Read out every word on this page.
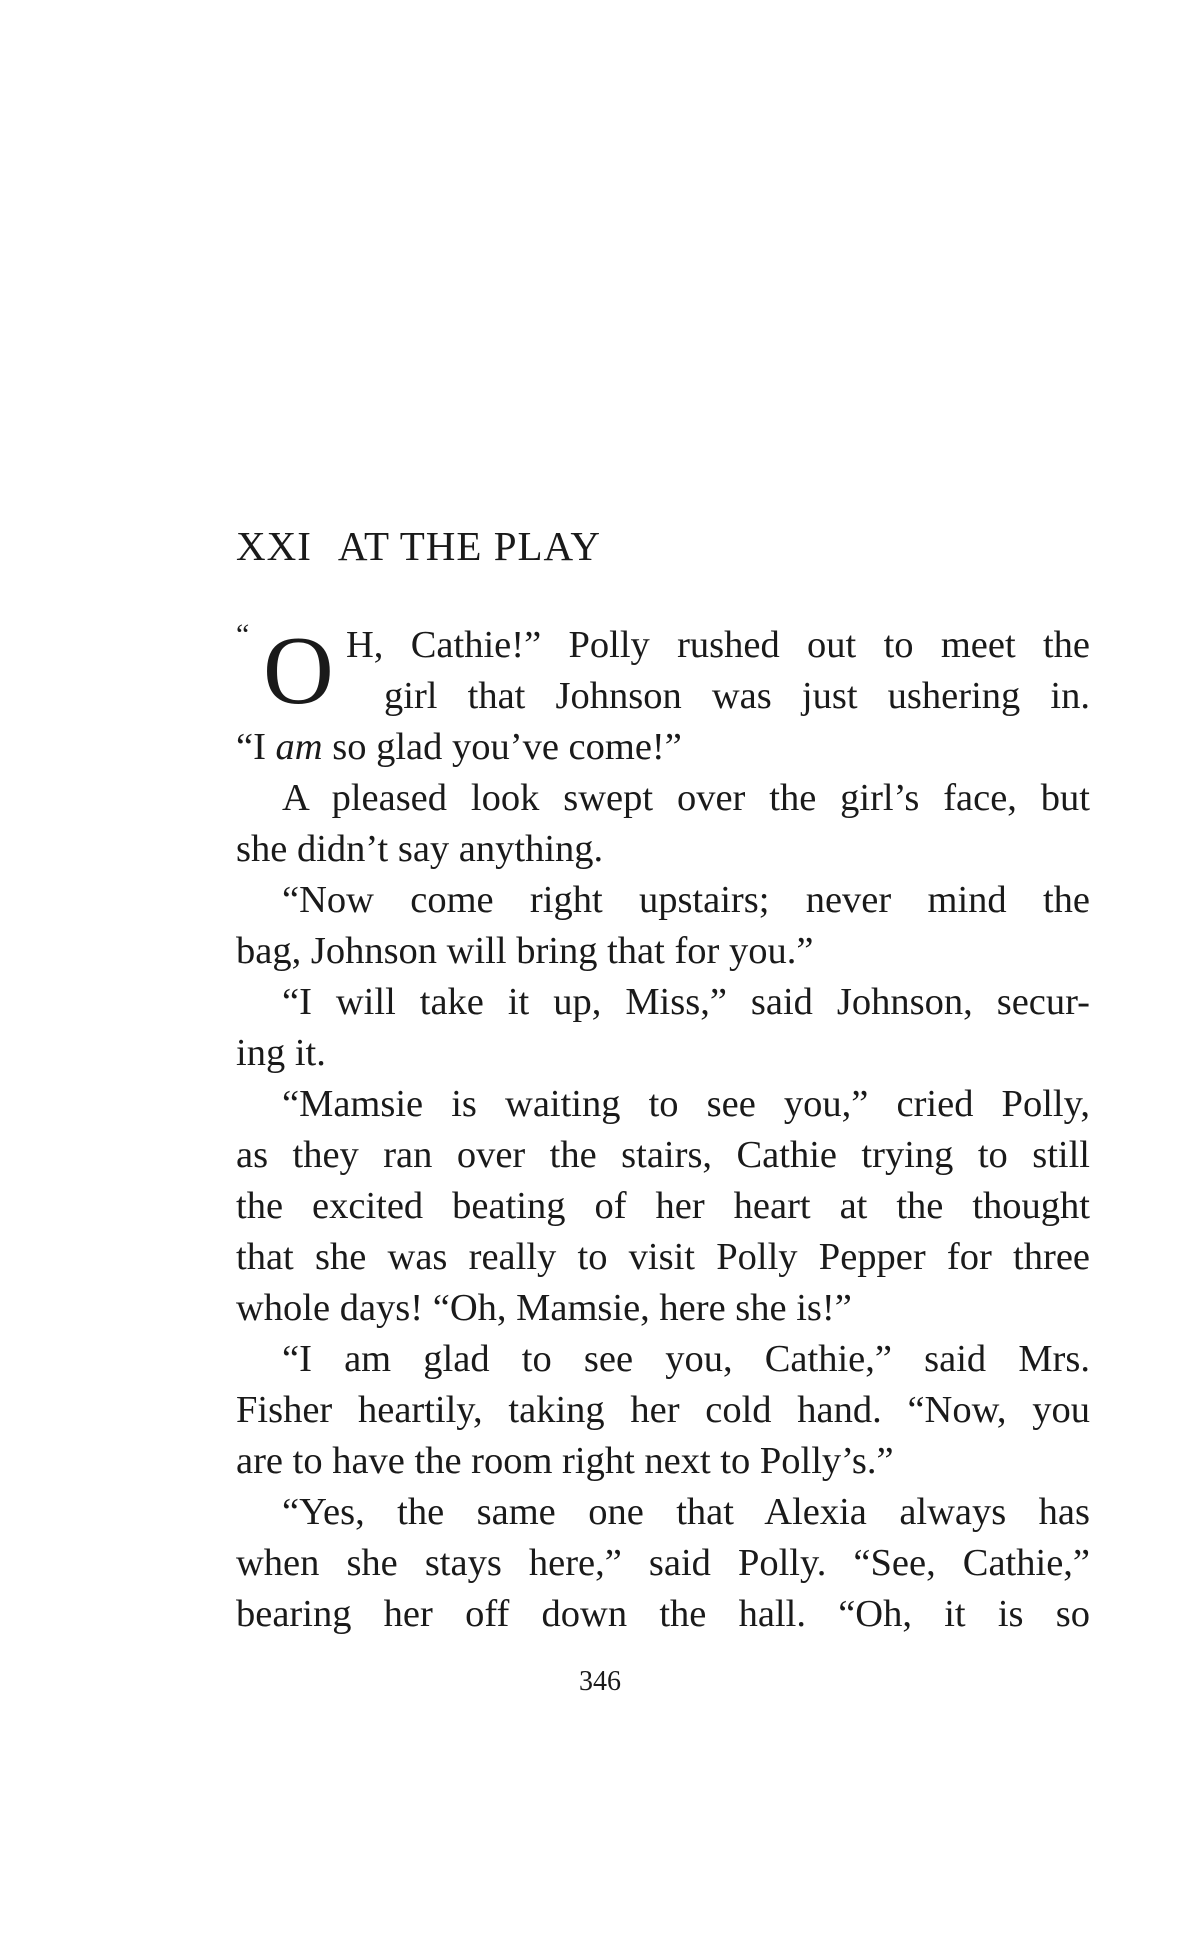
XXI AT THE PLAY
“ O H, Cathie!” Polly rushed out to meet the
girl that Johnson was just ushering in.
“I am so glad you’ve come!”
A pleased look swept over the girl’s face, but
she didn’t say anything.
“Now come right upstairs; never mind the
bag, Johnson will bring that for you.”
“I will take it up, Miss,” said Johnson, secur-
ing it.
“Mamsie is waiting to see you,” cried Polly,
as they ran over the stairs, Cathie trying to still
the excited beating of her heart at the thought
that she was really to visit Polly Pepper for three
whole days! “Oh, Mamsie, here she is!”
“I am glad to see you, Cathie,” said Mrs.
Fisher heartily, taking her cold hand. “Now, you
are to have the room right next to Polly’s.”
“Yes, the same one that Alexia always has
when she stays here,” said Polly. “See, Cathie,”
bearing her off down the hall. “Oh, it is so
346
